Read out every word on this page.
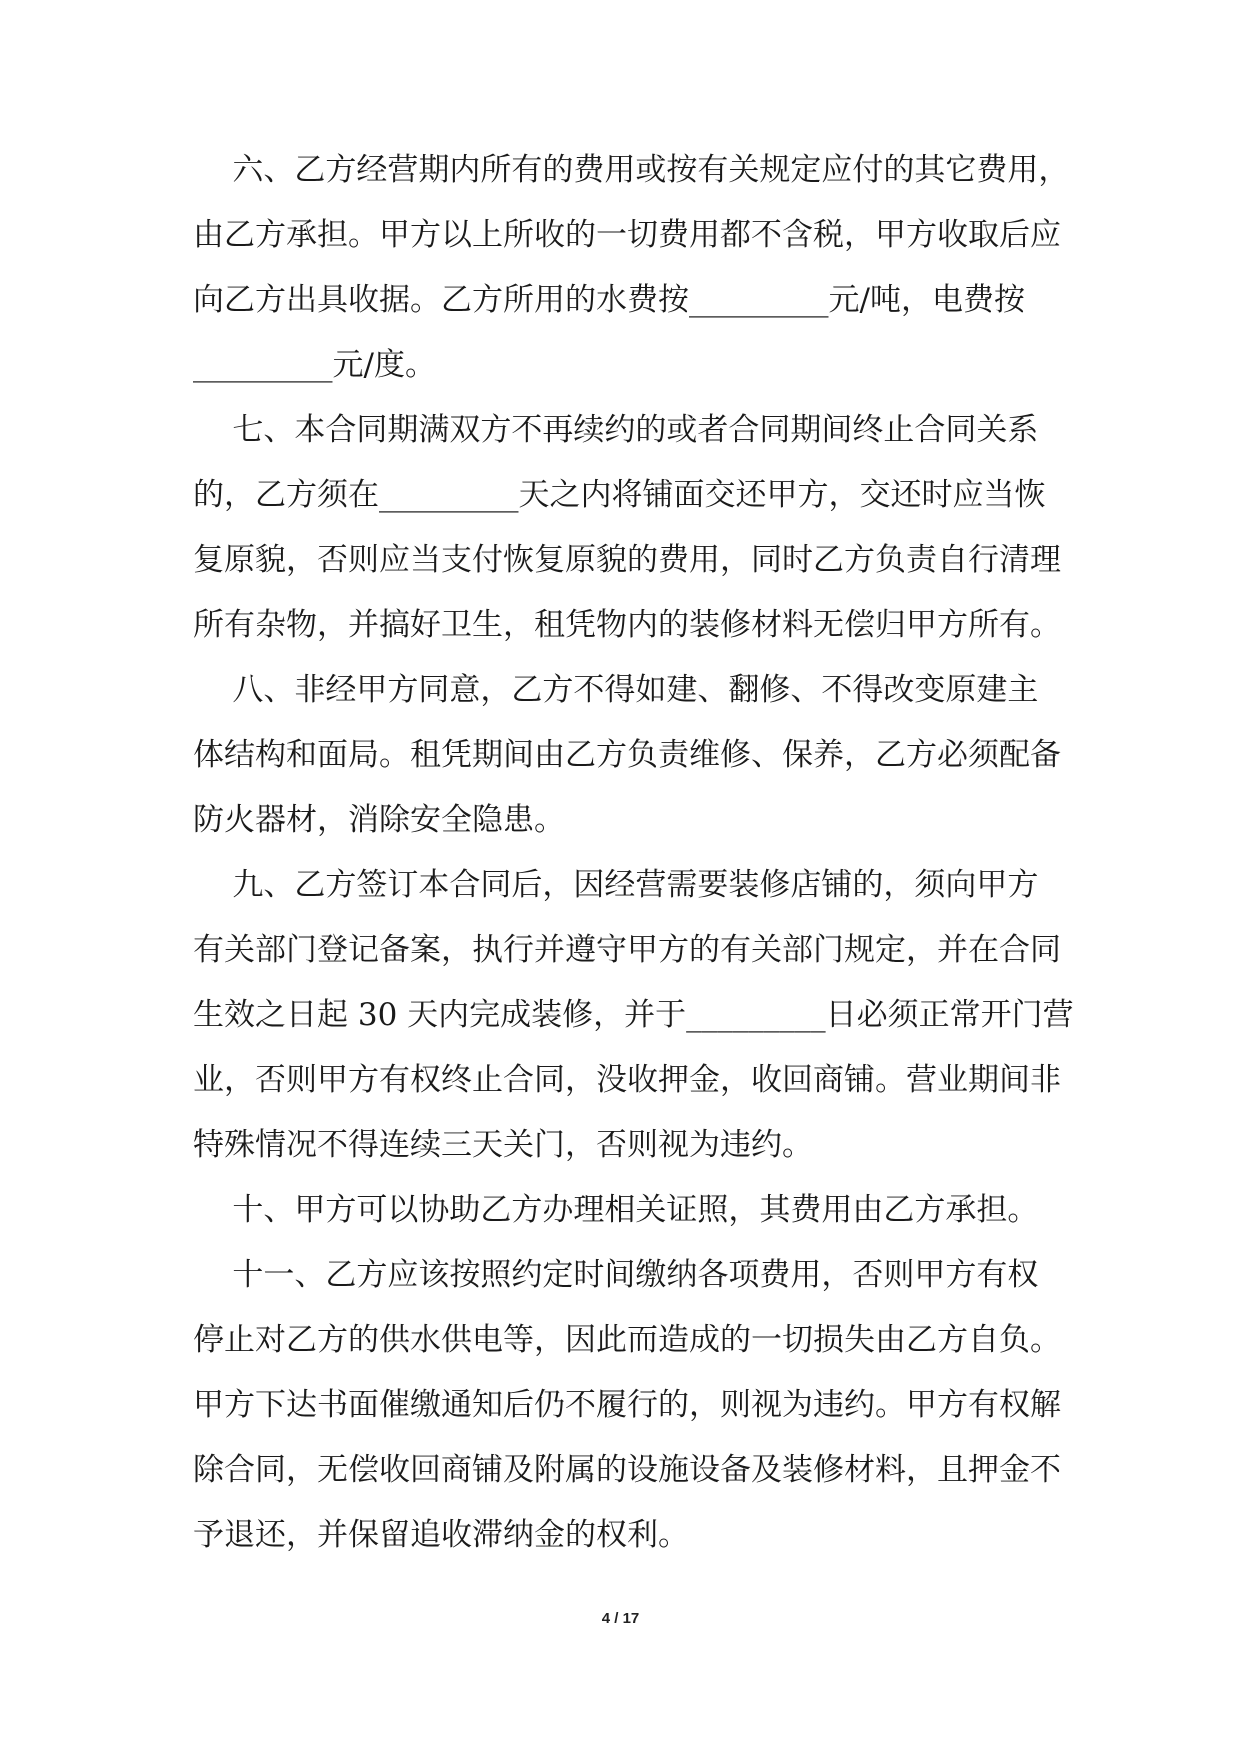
六、乙方经营期内所有的费用或按有关规定应付的其它费用，
由乙方承担。甲方以上所收的一切费用都不含税，甲方收取后应
向乙方出具收据。乙方所用的水费按_________元/吨，电费按
_________元/度。
七、本合同期满双方不再续约的或者合同期间终止合同关系
的，乙方须在_________天之内将铺面交还甲方，交还时应当恢
复原貌，否则应当支付恢复原貌的费用，同时乙方负责自行清理
所有杂物，并搞好卫生，租凭物内的装修材料无偿归甲方所有。
八、非经甲方同意，乙方不得如建、翻修、不得改变原建主
体结构和面局。租凭期间由乙方负责维修、保养，乙方必须配备
防火器材，消除安全隐患。
九、乙方签订本合同后，因经营需要装修店铺的，须向甲方
有关部门登记备案，执行并遵守甲方的有关部门规定，并在合同
生效之日起 30 天内完成装修，并于_________日必须正常开门营
业，否则甲方有权终止合同，没收押金，收回商铺。营业期间非
特殊情况不得连续三天关门，否则视为违约。
十、甲方可以协助乙方办理相关证照，其费用由乙方承担。
十一、乙方应该按照约定时间缴纳各项费用，否则甲方有权
停止对乙方的供水供电等，因此而造成的一切损失由乙方自负。
甲方下达书面催缴通知后仍不履行的，则视为违约。甲方有权解
除合同，无偿收回商铺及附属的设施设备及装修材料，且押金不
予退还，并保留追收滞纳金的权利。
4 / 17
